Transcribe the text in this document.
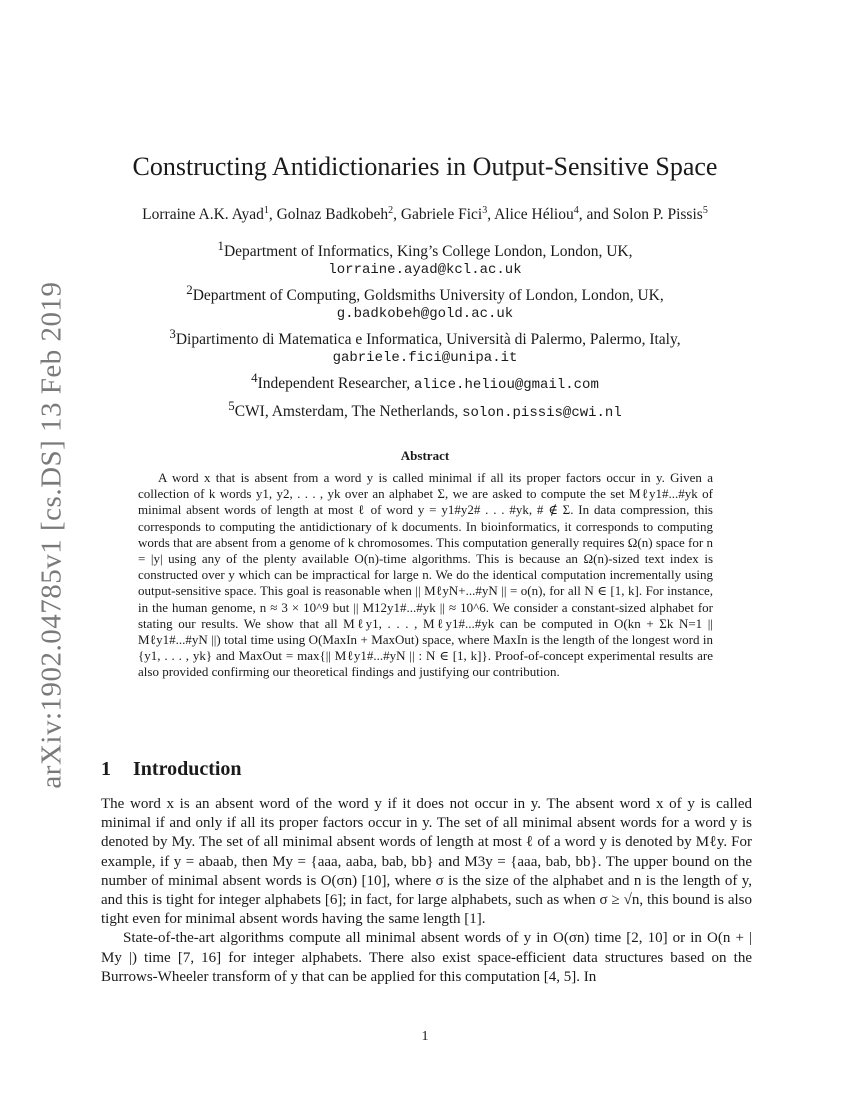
arXiv:1902.04785v1 [cs.DS] 13 Feb 2019
Constructing Antidictionaries in Output-Sensitive Space
Lorraine A.K. Ayad$^1$, Golnaz Badkobeh$^2$, Gabriele Fici$^3$, Alice Héliou$^4$, and Solon P. Pissis$^5$
$^1$Department of Informatics, King’s College London, London, UK,
lorraine.ayad@kcl.ac.uk
$^2$Department of Computing, Goldsmiths University of London, London, UK,
g.badkobeh@gold.ac.uk
$^3$Dipartimento di Matematica e Informatica, Università di Palermo, Palermo, Italy,
gabriele.fici@unipa.it
$^4$Independent Researcher, alice.heliou@gmail.com
$^5$CWI, Amsterdam, The Netherlands, solon.pissis@cwi.nl
Abstract

A word x that is absent from a word y is called minimal if all its proper factors occur in y. Given a collection of k words y1, y2, . . . , yk over an alphabet Σ, we are asked to compute the set Mℓy1#...#yk of minimal absent words of length at most ℓ of word y = y1#y2# . . . #yk, # ∉ Σ. In data compression, this corresponds to computing the antidictionary of k documents. In bioinformatics, it corresponds to computing words that are absent from a genome of k chromosomes. This computation generally requires Ω(n) space for n = |y| using any of the plenty available O(n)-time algorithms. This is because an Ω(n)-sized text index is constructed over y which can be impractical for large n. We do the identical computation incrementally using output-sensitive space. This goal is reasonable when || MℓyN+...#yN || = o(n), for all N ∈ [1, k]. For instance, in the human genome, n ≈ 3 × 10^9 but || M12y1#...#yk || ≈ 10^6. We consider a constant-sized alphabet for stating our results. We show that all Mℓy1, . . . , Mℓy1#...#yk can be computed in O(kn + Σk N=1 || Mℓy1#...#yN ||) total time using O(MaxIn + MaxOut) space, where MaxIn is the length of the longest word in {y1, . . . , yk} and MaxOut = max{|| Mℓy1#...#yN || : N ∈ [1, k]}. Proof-of-concept experimental results are also provided confirming our theoretical findings and justifying our contribution.

1 Introduction

The word x is an absent word of the word y if it does not occur in y. The absent word x of y is called minimal if and only if all its proper factors occur in y. The set of all minimal absent words for a word y is denoted by My. The set of all minimal absent words of length at most ℓ of a word y is denoted by Mℓy. For example, if y = abaab, then My = {aaa, aaba, bab, bb} and M3y = {aaa, bab, bb}. The upper bound on the number of minimal absent words is O(σn) [10], where σ is the size of the alphabet and n is the length of y, and this is tight for integer alphabets [6]; in fact, for large alphabets, such as when σ ≥ √n, this bound is also tight even for minimal absent words having the same length [1].

State-of-the-art algorithms compute all minimal absent words of y in O(σn) time [2, 10] or in O(n + | My |) time [7, 16] for integer alphabets. There also exist space-efficient data structures based on the Burrows-Wheeler transform of y that can be applied for this computation [4, 5]. In

1
